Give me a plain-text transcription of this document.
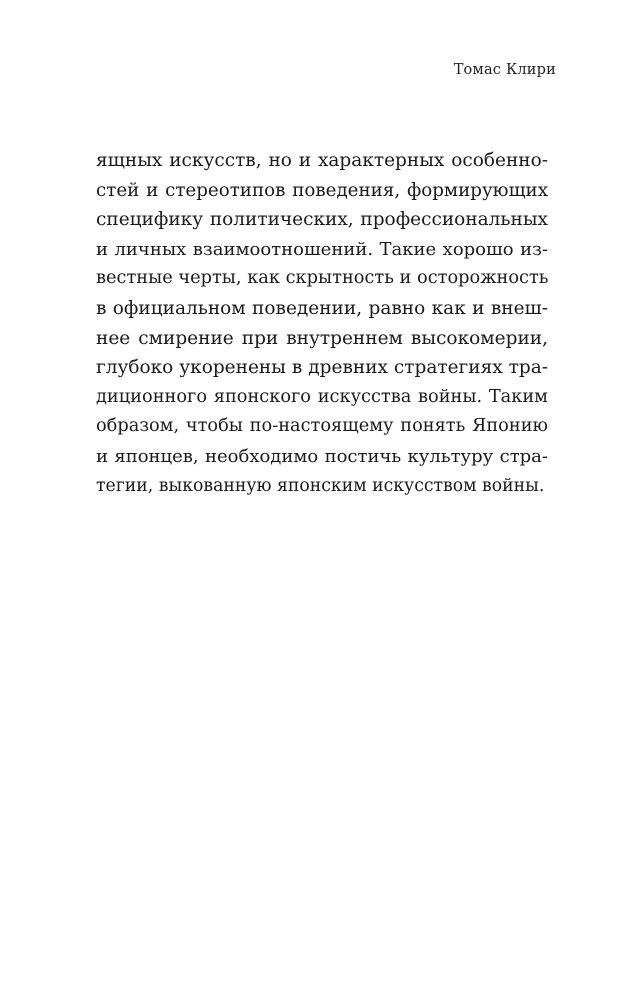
Томас Клири
ящных искусств, но и характерных особенно-
стей и стереотипов поведения, формирующих
специфику политических, профессиональных
и личных взаимоотношений. Такие хорошо из-
вестные черты, как скрытность и осторожность
в официальном поведении, равно как и внеш-
нее смирение при внутреннем высокомерии,
глубоко укоренены в древних стратегиях тра-
диционного японского искусства войны. Таким
образом, чтобы по-настоящему понять Японию
и японцев, необходимо постичь культуру стра-
тегии, выкованную японским искусством войны.
